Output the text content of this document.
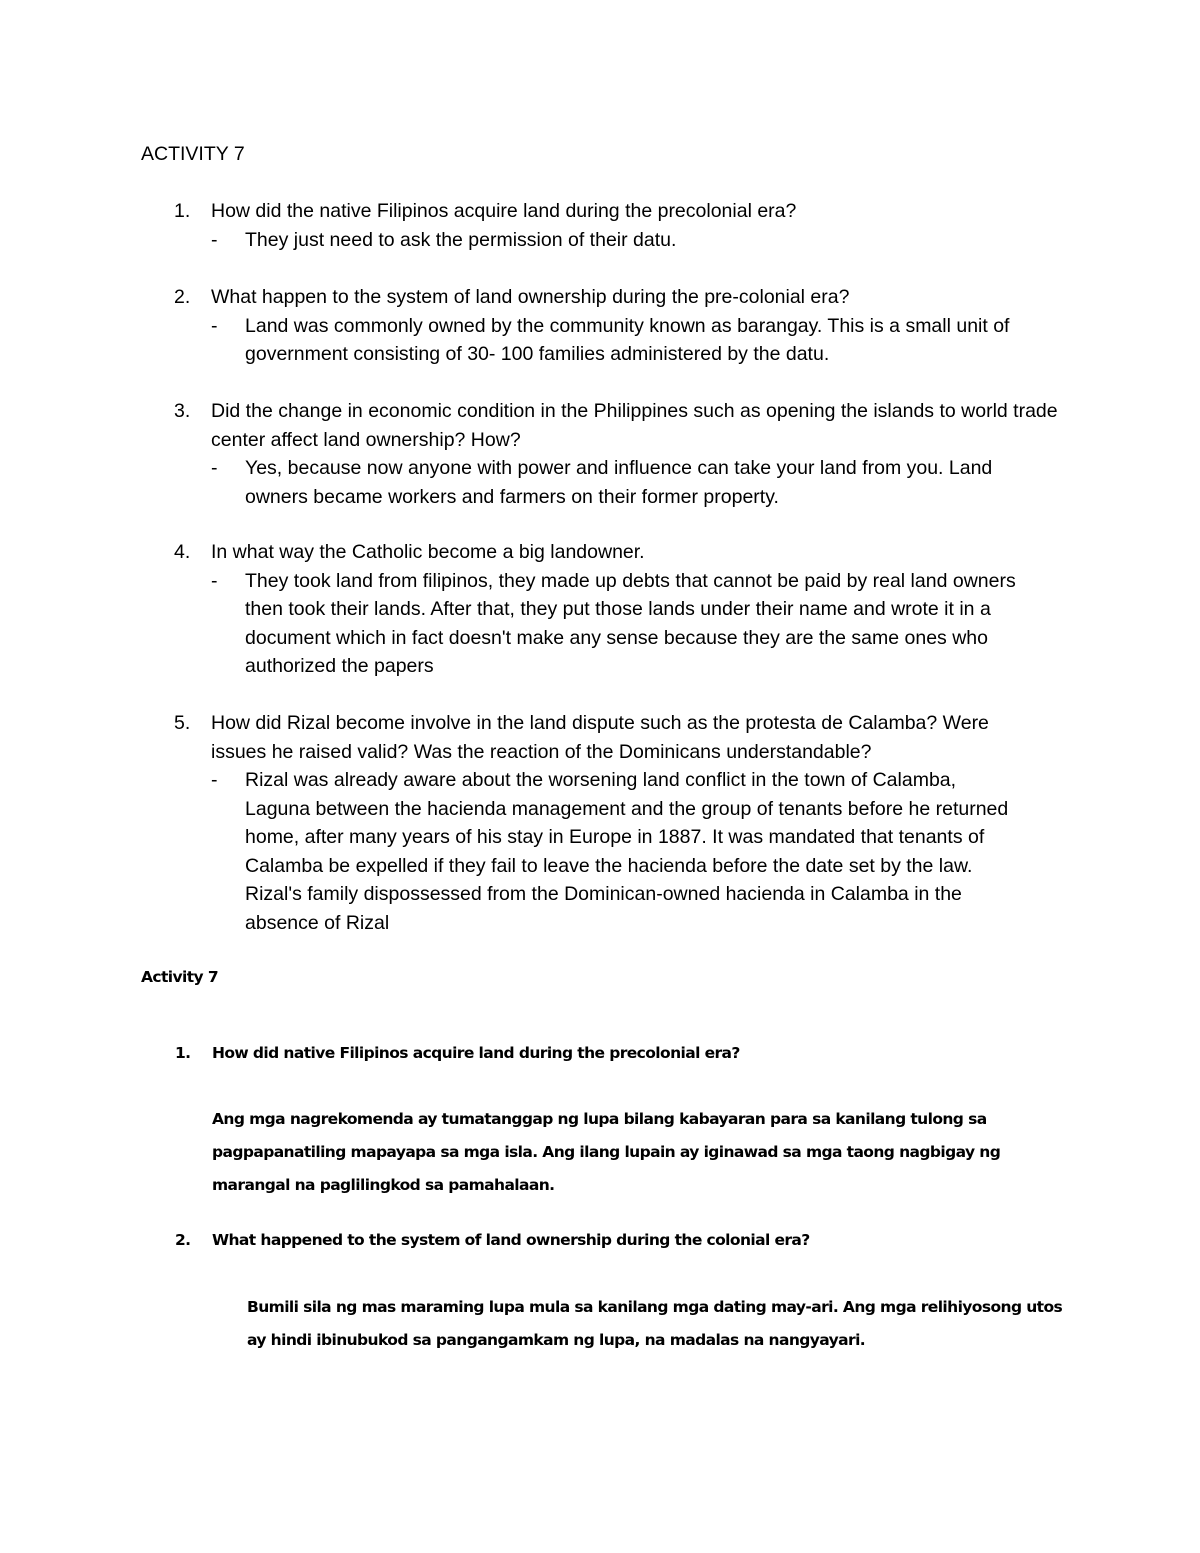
ACTIVITY 7
1. How did the native Filipinos acquire land during the precolonial era?
- They just need to ask the permission of their datu.
2. What happen to the system of land ownership during the pre-colonial era?
- Land was commonly owned by the community known as barangay. This is a small unit of government consisting of 30- 100 families administered by the datu.
3. Did the change in economic condition in the Philippines such as opening the islands to world trade center affect land ownership? How?
- Yes, because now anyone with power and influence can take your land from you. Land owners became workers and farmers on their former property.
4. In what way the Catholic become a big landowner.
- They took land from filipinos, they made up debts that cannot be paid by real land owners then took their lands. After that, they put those lands under their name and wrote it in a document which in fact doesn't make any sense because they are the same ones who authorized the papers
5. How did Rizal become involve in the land dispute such as the protesta de Calamba? Were issues he raised valid? Was the reaction of the Dominicans understandable?
- Rizal was already aware about the worsening land conflict in the town of Calamba, Laguna between the hacienda management and the group of tenants before he returned home, after many years of his stay in Europe in 1887. It was mandated that tenants of Calamba be expelled if they fail to leave the hacienda before the date set by the law. Rizal's family dispossessed from the Dominican-owned hacienda in Calamba in the absence of Rizal
Activity 7
1. How did native Filipinos acquire land during the precolonial era?
Ang mga nagrekomenda ay tumatanggap ng lupa bilang kabayaran para sa kanilang tulong sa pagpapanatiling mapayapa sa mga isla. Ang ilang lupain ay iginawad sa mga taong nagbigay ng marangal na paglilingkod sa pamahalaan.
2. What happened to the system of land ownership during the colonial era?
Bumili sila ng mas maraming lupa mula sa kanilang mga dating may-ari. Ang mga relihiyosong utos ay hindi ibinubukod sa pangangamkam ng lupa, na madalas na nangyayari.
